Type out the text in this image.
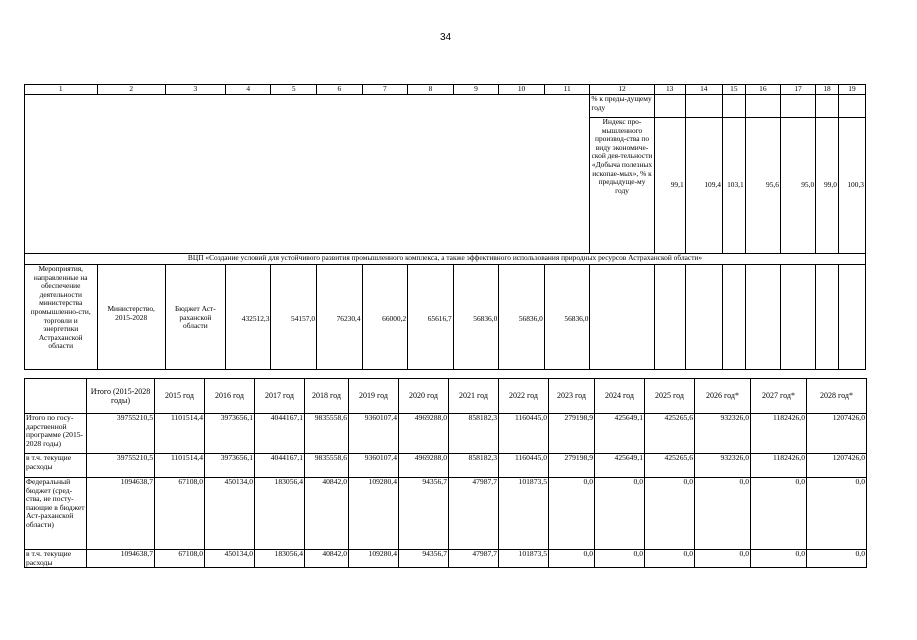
34
1	2	3	4	5	6	7	8	9	10	11	12	13	14	15	16	17	18	19
											% к преды-дущему году							
											Индекс про-мышленного производ-ства по виду экономиче-ской дея-тельности «Добыча полезных ископае-мых», % к предыдуще-му году	99,1	109,4	103,1	95,6	95,0	99,0	100,3
ВЦП «Создание условий для устойчивого развития промышленного комплекса, а также эффективного использования природных ресурсов Астраханской области»																		
Мероприятия, направленные на обеспечение деятельности министерства промышленно-сти, торговли и энергетики Астраханской области	Министерство, 2015-2028	Бюджет Аст-раханской области	432512,3	54157,0	76230,4	66000,2	65616,7	56836,0	56836,0	56836,0								
	Итого (2015-2028 годы)	2015 год	2016 год	2017 год	2018 год	2019 год	2020 год	2021 год	2022 год	2023 год	2024 год	2025 год	2026 год*	2027 год*	2028 год*
Итого по госу-дарственной программе (2015-2028 годы)	39755210,5	1101514,4	3973656,1	4044167,1	9835558,6	9360107,4	4969288,0	858182,3	1160445,0	279198,9	425649,1	425265,6	932326,0	1182426,0	1207426,0
в т.ч. текущие расходы	39755210,5	1101514,4	3973656,1	4044167,1	9835558,6	9360107,4	4969288,0	858182,3	1160445,0	279198,9	425649,1	425265,6	932326,0	1182426,0	1207426,0
Федеральный бюджет (сред-ства, не посту-пающие в бюджет Аст-раханской области)	1094638,7	67108,0	450134,0	183056,4	40842,0	109280,4	94356,7	47987,7	101873,5	0,0	0,0	0,0	0,0	0,0	0,0
в т.ч. текущие расходы	1094638,7	67108,0	450134,0	183056,4	40842,0	109280,4	94356,7	47987,7	101873,5	0,0	0,0	0,0	0,0	0,0	0,0
